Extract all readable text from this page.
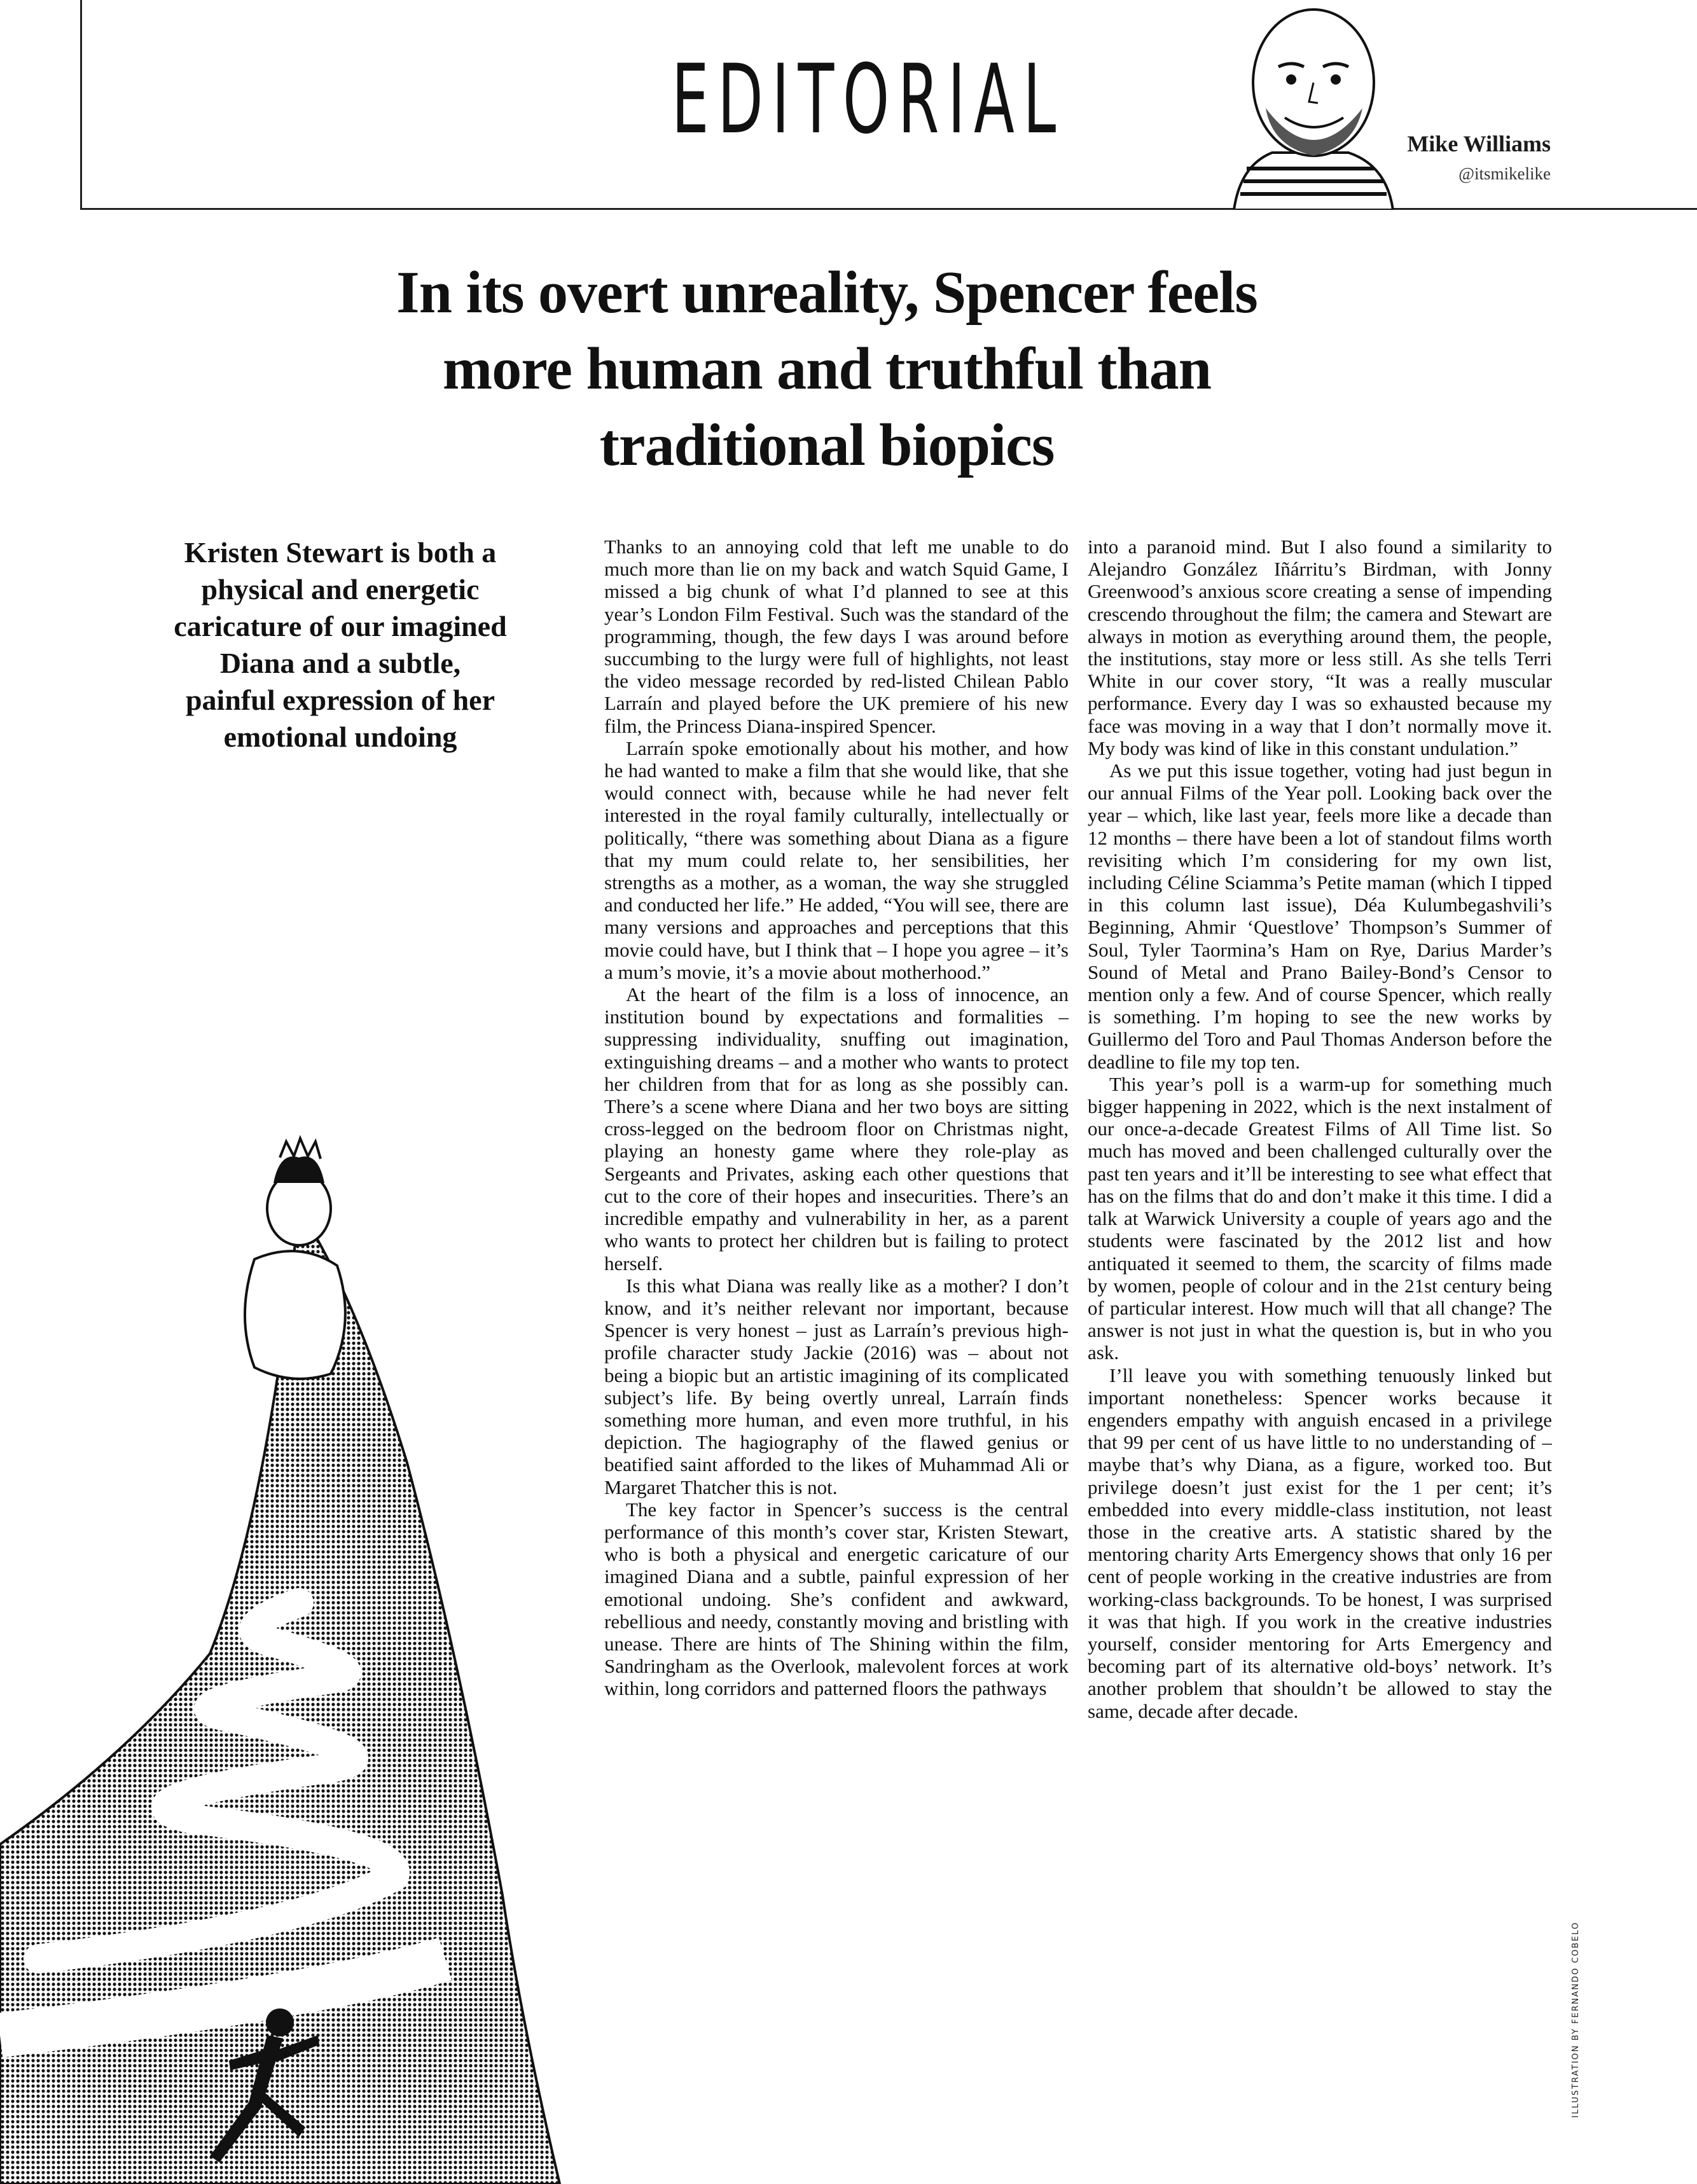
EDITORIAL	Mike Williams
@itsmikelike
In its overt unreality, Spencer feels more human and truthful than traditional biopics
Kristen Stewart is both a physical and energetic caricature of our imagined Diana and a subtle, painful expression of her emotional undoing

Thanks to an annoying cold that left me unable to do much more than lie on my back and watch Squid Game, I missed a big chunk of what I’d planned to see at this year’s London Film Festival. Such was the standard of the programming, though, the few days I was around before succumbing to the lurgy were full of highlights, not least the video message recorded by red-listed Chilean Pablo Larraín and played before the UK premiere of his new film, the Princess Diana-inspired Spencer.

Larraín spoke emotionally about his mother, and how he had wanted to make a film that she would like, that she would connect with, because while he had never felt interested in the royal family culturally, intellectually or politically, “there was something about Diana as a figure that my mum could relate to, her sensibilities, her strengths as a mother, as a woman, the way she struggled and conducted her life.” He added, “You will see, there are many versions and approaches and perceptions that this movie could have, but I think that – I hope you agree – it’s a mum’s movie, it’s a movie about motherhood.”

At the heart of the film is a loss of innocence, an institution bound by expectations and formalities – suppressing individuality, snuffing out imagination, extinguishing dreams – and a mother who wants to protect her children from that for as long as she possibly can. There’s a scene where Diana and her two boys are sitting cross-legged on the bedroom floor on Christmas night, playing an honesty game where they role-play as Sergeants and Privates, asking each other questions that cut to the core of their hopes and insecurities. There’s an incredible empathy and vulnerability in her, as a parent who wants to protect her children but is failing to protect herself.

Is this what Diana was really like as a mother? I don’t know, and it’s neither relevant nor important, because Spencer is very honest – just as Larraín’s previous high-profile character study Jackie (2016) was – about not being a biopic but an artistic imagining of its complicated subject’s life. By being overtly unreal, Larraín finds something more human, and even more truthful, in his depiction. The hagiography of the flawed genius or beatified saint afforded to the likes of Muhammad Ali or Margaret Thatcher this is not.

The key factor in Spencer’s success is the central performance of this month’s cover star, Kristen Stewart, who is both a physical and energetic caricature of our imagined Diana and a subtle, painful expression of her emotional undoing. She’s confident and awkward, rebellious and needy, constantly moving and bristling with unease. There are hints of The Shining within the film, Sandringham as the Overlook, malevolent forces at work within, long corridors and patterned floors the pathways

into a paranoid mind. But I also found a similarity to Alejandro González Iñárritu’s Birdman, with Jonny Greenwood’s anxious score creating a sense of impending crescendo throughout the film; the camera and Stewart are always in motion as everything around them, the people, the institutions, stay more or less still. As she tells Terri White in our cover story, “It was a really muscular performance. Every day I was so exhausted because my face was moving in a way that I don’t normally move it. My body was kind of like in this constant undulation.”

As we put this issue together, voting had just begun in our annual Films of the Year poll. Looking back over the year – which, like last year, feels more like a decade than 12 months – there have been a lot of standout films worth revisiting which I’m considering for my own list, including Céline Sciamma’s Petite maman (which I tipped in this column last issue), Déa Kulumbegashvili’s Beginning, Ahmir ‘Questlove’ Thompson’s Summer of Soul, Tyler Taormina’s Ham on Rye, Darius Marder’s Sound of Metal and Prano Bailey-Bond’s Censor to mention only a few. And of course Spencer, which really is something. I’m hoping to see the new works by Guillermo del Toro and Paul Thomas Anderson before the deadline to file my top ten.

This year’s poll is a warm-up for something much bigger happening in 2022, which is the next instalment of our once-a-decade Greatest Films of All Time list. So much has moved and been challenged culturally over the past ten years and it’ll be interesting to see what effect that has on the films that do and don’t make it this time. I did a talk at Warwick University a couple of years ago and the students were fascinated by the 2012 list and how antiquated it seemed to them, the scarcity of films made by women, people of colour and in the 21st century being of particular interest. How much will that all change? The answer is not just in what the question is, but in who you ask.

I’ll leave you with something tenuously linked but important nonetheless: Spencer works because it engenders empathy with anguish encased in a privilege that 99 per cent of us have little to no understanding of – maybe that’s why Diana, as a figure, worked too. But privilege doesn’t just exist for the 1 per cent; it’s embedded into every middle-class institution, not least those in the creative arts. A statistic shared by the mentoring charity Arts Emergency shows that only 16 per cent of people working in the creative industries are from working-class backgrounds. To be honest, I was surprised it was that high. If you work in the creative industries yourself, consider mentoring for Arts Emergency and becoming part of its alternative old-boys’ network. It’s another problem that shouldn’t be allowed to stay the same, decade after decade.

ILLUSTRATION BY FERNANDO COBELO
